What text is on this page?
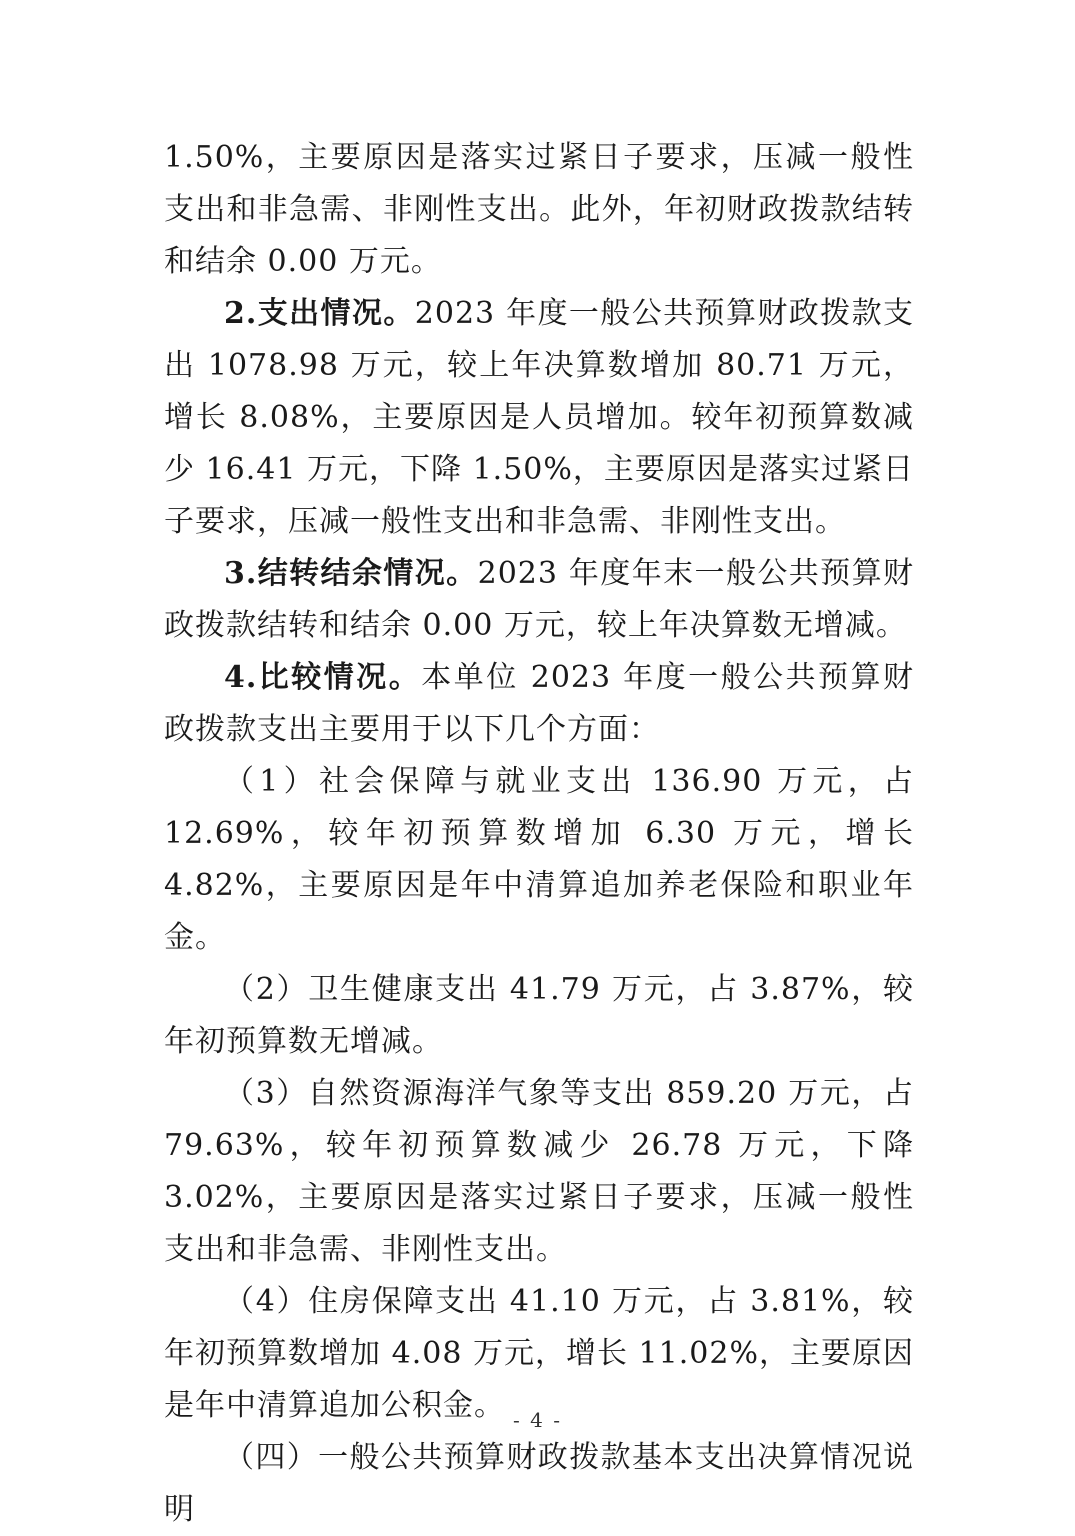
1.50%，主要原因是落实过紧日子要求，压减一般性支出和非急需、非刚性支出。此外，年初财政拨款结转和结余 0.00 万元。

2.支出情况。2023 年度一般公共预算财政拨款支出 1078.98 万元，较上年决算数增加 80.71 万元，增长 8.08%，主要原因是人员增加。较年初预算数减少 16.41 万元，下降 1.50%，主要原因是落实过紧日子要求，压减一般性支出和非急需、非刚性支出。

3.结转结余情况。2023 年度年末一般公共预算财政拨款结转和结余 0.00 万元，较上年决算数无增减。

4.比较情况。本单位 2023 年度一般公共预算财政拨款支出主要用于以下几个方面：

（1）社会保障与就业支出 136.90 万元，占 12.69%，较年初预算数增加 6.30 万元，增长 4.82%，主要原因是年中清算追加养老保险和职业年金。

（2）卫生健康支出 41.79 万元，占 3.87%，较年初预算数无增减。

（3）自然资源海洋气象等支出 859.20 万元，占 79.63%，较年初预算数减少 26.78 万元，下降 3.02%，主要原因是落实过紧日子要求，压减一般性支出和非急需、非刚性支出。

（4）住房保障支出 41.10 万元，占 3.81%，较年初预算数增加 4.08 万元，增长 11.02%，主要原因是年中清算追加公积金。

（四）一般公共预算财政拨款基本支出决算情况说明

- 4 -
